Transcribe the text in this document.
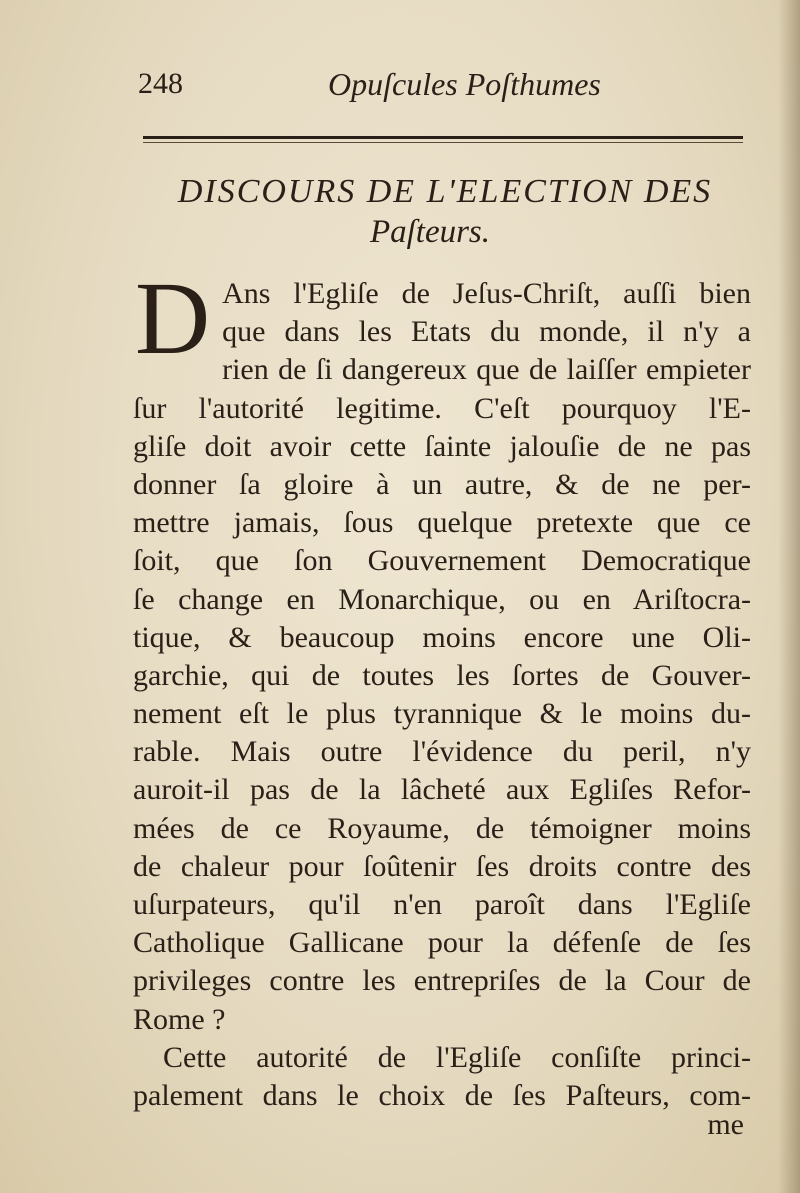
248	Opuſcules Poſthumes
DISCOURS DE L'ELECTION DES
Paſteurs.
D Ans l'Egliſe de Jeſus-Chriſt, auſſi bien
que dans les Etats du monde, il n'y a
rien de ſi dangereux que de laiſſer empieter
ſur l'autorité legitime. C'eſt pourquoy l'E-
gliſe doit avoir cette ſainte jalouſie de ne pas
donner ſa gloire à un autre, & de ne per-
mettre jamais, ſous quelque pretexte que ce
ſoit, que ſon Gouvernement Democratique
ſe change en Monarchique, ou en Ariſtocra-
tique, & beaucoup moins encore une Oli-
garchie, qui de toutes les ſortes de Gouver-
nement eſt le plus tyrannique & le moins du-
rable. Mais outre l'évidence du peril, n'y
auroit-il pas de la lâcheté aux Egliſes Refor-
mées de ce Royaume, de témoigner moins
de chaleur pour ſoûtenir ſes droits contre des
uſurpateurs, qu'il n'en paroît dans l'Egliſe
Catholique Gallicane pour la défenſe de ſes
privileges contre les entrepriſes de la Cour de
Rome ?
Cette autorité de l'Egliſe conſiſte princi-
palement dans le choix de ſes Paſteurs, com-
me
